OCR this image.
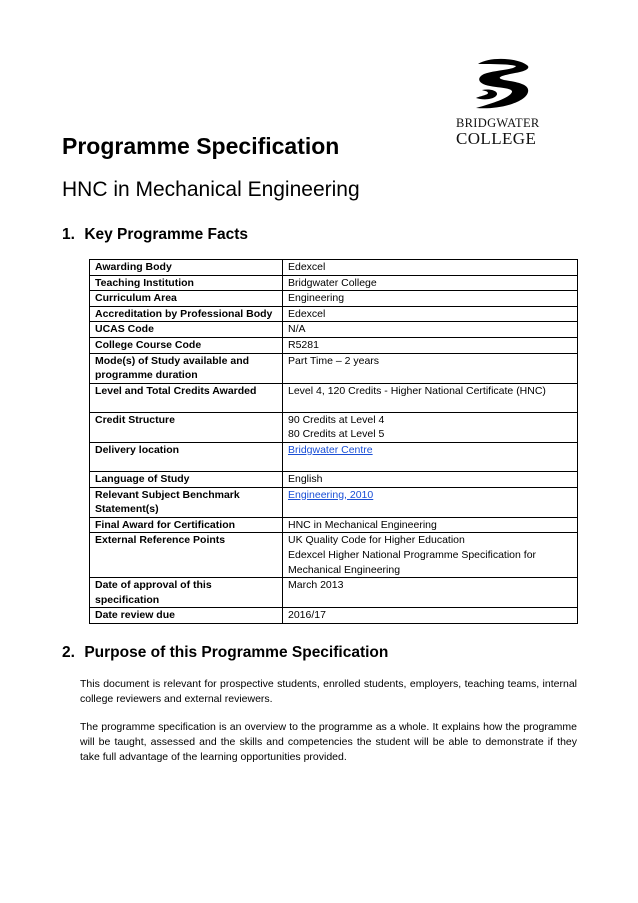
BRIDGWATER
COLLEGE
Programme Specification
HNC in Mechanical Engineering
1. Key Programme Facts
Awarding Body	Edexcel

Teaching Institution	Bridgwater College

Curriculum Area	Engineering

Accreditation by Professional Body	Edexcel

UCAS Code	N/A

College Course Code	R5281

Mode(s) of Study available and programme duration	Part Time – 2 years

Level and Total Credits Awarded	Level 4, 120 Credits - Higher National Certificate (HNC)

Credit Structure	90 Credits at Level 4
80 Credits at Level 5

Delivery location	Bridgwater Centre

Language of Study	English

Relevant Subject Benchmark Statement(s)	Engineering, 2010

Final Award for Certification	HNC in Mechanical Engineering

External Reference Points	UK Quality Code for Higher Education
Edexcel Higher National Programme Specification for Mechanical Engineering

Date of approval of this specification	March 2013

Date review due	2016/17
2. Purpose of this Programme Specification

This document is relevant for prospective students, enrolled students, employers, teaching teams, internal college reviewers and external reviewers.

The programme specification is an overview to the programme as a whole. It explains how the programme will be taught, assessed and the skills and competencies the student will be able to demonstrate if they take full advantage of the learning opportunities provided.
